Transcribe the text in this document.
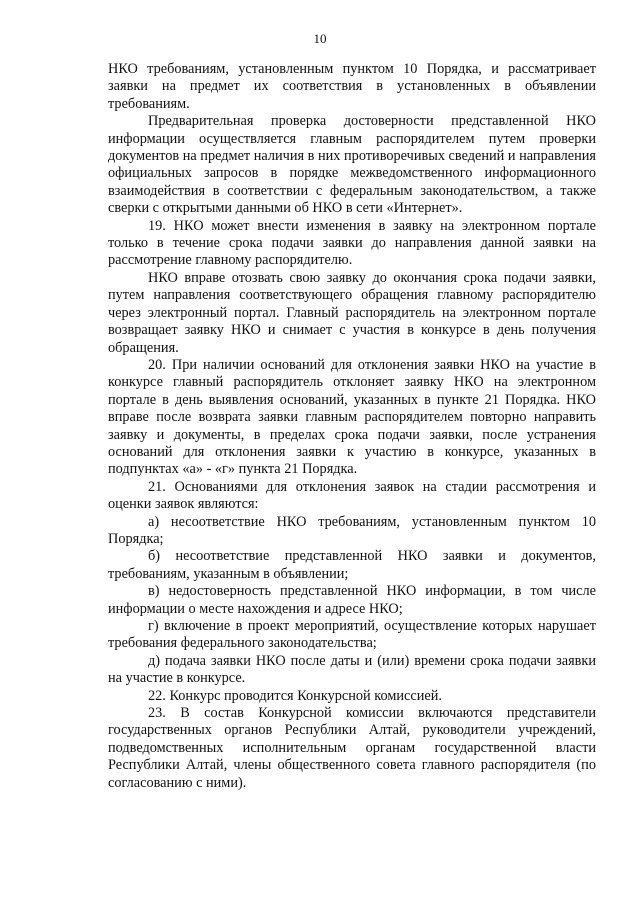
10

НКО требованиям, установленным пунктом 10 Порядка, и рассматривает заявки на предмет их соответствия в установленных в объявлении требованиям.

Предварительная проверка достоверности представленной НКО информации осуществляется главным распорядителем путем проверки документов на предмет наличия в них противоречивых сведений и направления официальных запросов в порядке межведомственного информационного взаимодействия в соответствии с федеральным законодательством, а также сверки с открытыми данными об НКО в сети «Интернет».

19. НКО может внести изменения в заявку на электронном портале только в течение срока подачи заявки до направления данной заявки на рассмотрение главному распорядителю.

НКО вправе отозвать свою заявку до окончания срока подачи заявки, путем направления соответствующего обращения главному распорядителю через электронный портал. Главный распорядитель на электронном портале возвращает заявку НКО и снимает с участия в конкурсе в день получения обращения.

20. При наличии оснований для отклонения заявки НКО на участие в конкурсе главный распорядитель отклоняет заявку НКО на электронном портале в день выявления оснований, указанных в пункте 21 Порядка. НКО вправе после возврата заявки главным распорядителем повторно направить заявку и документы, в пределах срока подачи заявки, после устранения оснований для отклонения заявки к участию в конкурсе, указанных в подпунктах «а» - «г» пункта 21 Порядка.

21. Основаниями для отклонения заявок на стадии рассмотрения и оценки заявок являются:

а) несоответствие НКО требованиям, установленным пунктом 10 Порядка;

б) несоответствие представленной НКО заявки и документов, требованиям, указанным в объявлении;

в) недостоверность представленной НКО информации, в том числе информации о месте нахождения и адресе НКО;

г) включение в проект мероприятий, осуществление которых нарушает требования федерального законодательства;

д) подача заявки НКО после даты и (или) времени срока подачи заявки на участие в конкурсе.

22. Конкурс проводится Конкурсной комиссией.

23. В состав Конкурсной комиссии включаются представители государственных органов Республики Алтай, руководители учреждений, подведомственных исполнительным органам государственной власти Республики Алтай, члены общественного совета главного распорядителя (по согласованию с ними).
